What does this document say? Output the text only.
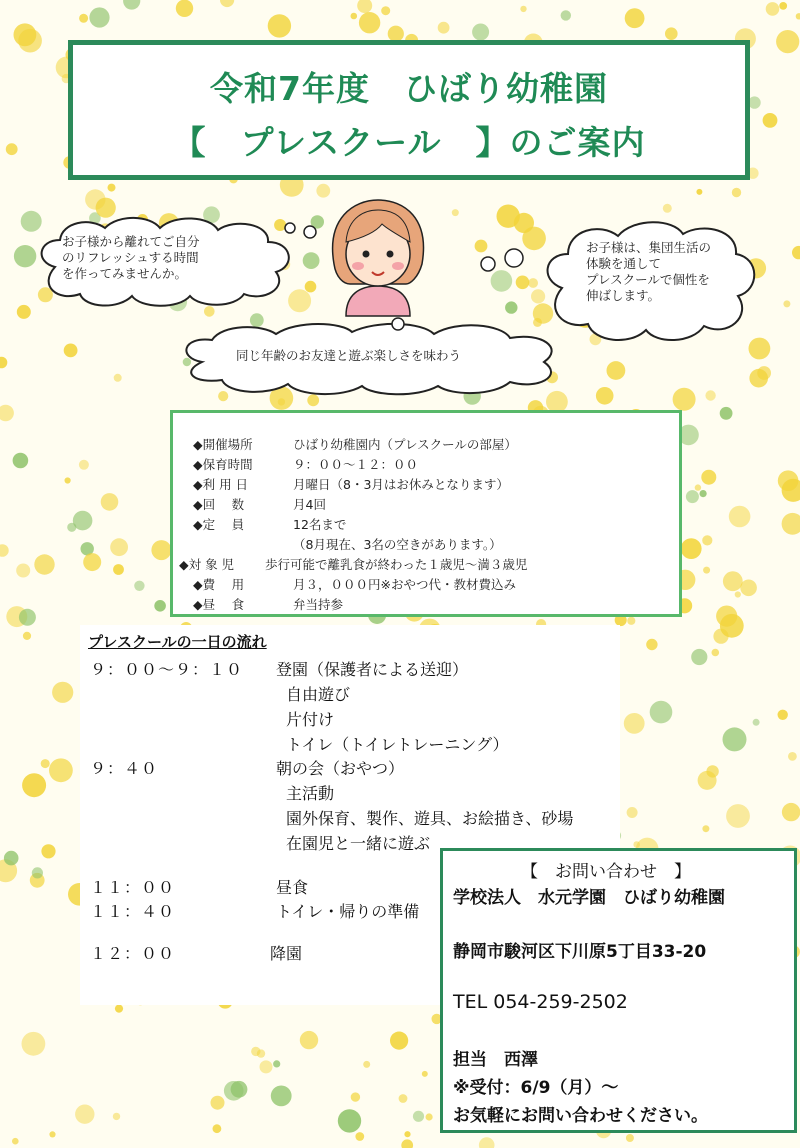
令和7年度　ひばり幼稚園
【　プレスクール　】のご案内
お子様から離れてご自分
のリフレッシュする時間
を作ってみませんか。
お子様は、集団生活の
体験を通して
プレスクールで個性を
伸ばします。
同じ年齢のお友達と遊ぶ楽しさを味わう
◆開催場所	ひばり幼稚園内（プレスクールの部屋）
◆保育時間	９：００～１２：００
◆利 用 日	月曜日（8・3月はお休みとなります）
◆回　 数	月4回
◆定　 員	12名まで
（8月現在、3名の空きがあります。）
◆対 象 児 歩行可能で離乳食が終わった１歳児～満３歳児
◆費　 用	月３，０００円※おやつ代・教材費込み
◆昼　 食	弁当持参
プレスクールの一日の流れ
９：００～９：１０ 登園（保護者による送迎）
自由遊び
片付け
トイレ（トイレトレーニング）
９：４０	朝の会（おやつ）
主活動
園外保育、製作、遊具、お絵描き、砂場
在園児と一緒に遊ぶ
１１：００	昼食
１１：４０	トイレ・帰りの準備
１２：００	降園
【　お問い合わせ　】
学校法人　水元学園　ひばり幼稚園
静岡市駿河区下川原5丁目33-20
TEL 054-259-2502
担当　西澤
※受付：6/9（月）～
お気軽にお問い合わせください。
